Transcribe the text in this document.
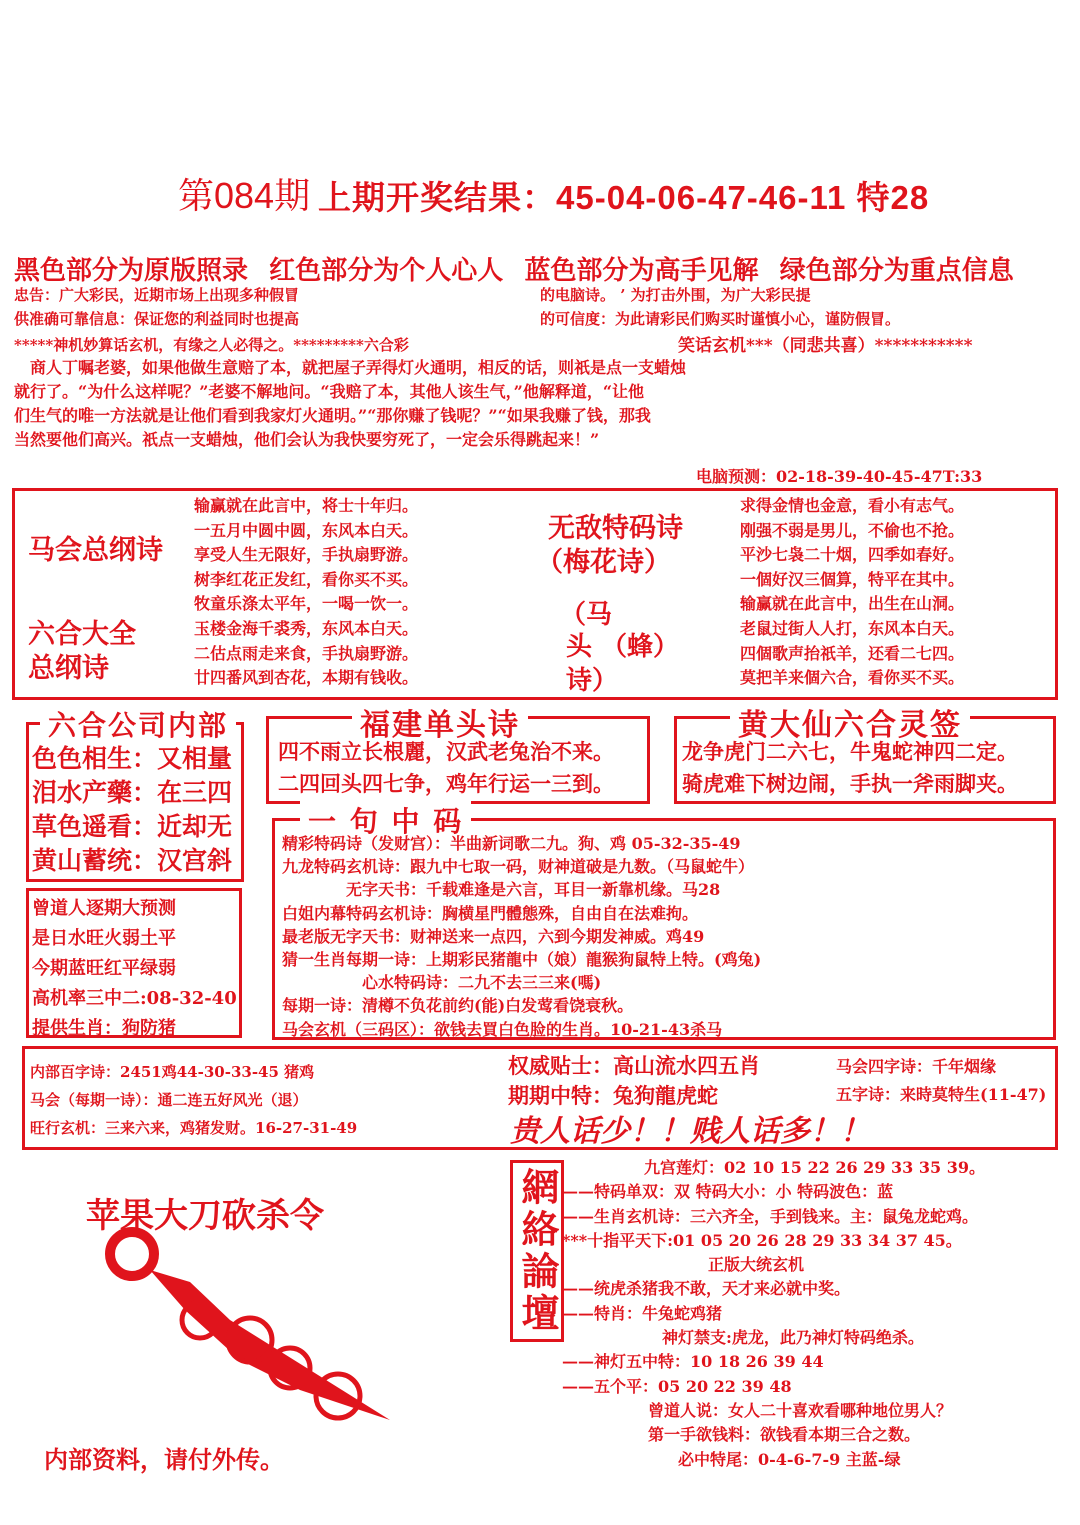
第084期 上期开奖结果：45-04-06-47-46-11 特28
黑色部分为原版照录 红色部分为个人心人 蓝色部分为高手见解 绿色部分为重点信息
忠告：广大彩民，近期市场上出现多种假冒	的电脑诗。 ’ 为打击外围，为广大彩民提
供准确可靠信息：保证您的利益同时也提高	的可信度：为此请彩民们购买时谨慎小心，谨防假冒。
*****神机妙算话玄机，有缘之人必得之。*********六合彩	笑话玄机***（同悲共喜）***********
　商人丁嘱老婆，如果他做生意赔了本，就把屋子弄得灯火通明，相反的话，则祇是点一支蜡烛
就行了。“为什么这样呢？”老婆不解地问。“我赔了本，其他人该生气，”他解释道，“让他
们生气的唯一方法就是让他们看到我家灯火通明。”“那你赚了钱呢？”“如果我赚了钱，那我
当然要他们高兴。祇点一支蜡烛，他们会认为我快要穷死了，一定会乐得跳起来！”
电脑预测：02-18-39-40-45-47T:33
马会总纲诗
六合大全
总纲诗
输赢就在此言中，将士十年归。
一五月中圆中圆，东风本白天。
享受人生无限好，手执扇野游。
树李红花正发红，看你买不买。
牧童乐涤太平年，一喝一饮一。
玉楼金海千裘秀，东风本白天。
二估点雨走来食，手执扇野游。
廿四番风到杏花，本期有钱收。
无敌特码诗
（梅花诗）
（马
头 （蜂）
诗）
求得金情也金意，看小有志气。
刚强不弱是男儿，不偷也不抢。
平沙七袅二十烟，四季如春好。
一個好汉三個算，特平在其中。
输赢就在此言中，出生在山洞。
老鼠过街人人打，东风本白天。
四個歌声抬祇羊，还看二七四。
莫把羊来個六合，看你买不买。
六合公司内部
色色相生：又相量
泪水产藥：在三四
草色遥看：近却无
黄山蓄统：汉宫斜
福建单头诗
四不雨立长根麗，汉武老兔治不来。
二四回头四七争，鸡年行运一三到。
黄大仙六合灵签
龙争虎门二六七，牛鬼蛇神四二定。
骑虎难下树边闹，手执一斧雨脚夹。
曾道人逐期大预测
是日水旺火弱土平
今期蓝旺红平绿弱
高机率三中二:08-32-40
提供生肖：狗防猪
一 句 中 码
精彩特码诗（发财宫）：半曲新词歌二九。狗、鸡 05-32-35-49
九龙特码玄机诗：跟九中七取一码，财神道破是九数。（马鼠蛇牛）
　　　　无字天书：千载难逢是六言，耳目一新靠机缘。马28
白姐内幕特码玄机诗：胸横星門體態殊，自由自在法难拘。
最老版无字天书：财神送来一点四，六到今期发神威。鸡49
猜一生肖每期一诗：上期彩民猪龍中（娘）龍猴狗鼠特上特。(鸡兔)
　　　　　心水特码诗：二九不去三三来(嗎)
每期一诗：清樽不负花前约(能)白发莺看饶衰秋。
马会玄机（三码区）：欲钱去買白色脸的生肖。10-21-43杀马
内部百字诗：2451鸡44-30-33-45 猪鸡
马会（每期一诗）：通二连五好风光（退）
旺行玄机：三来六来，鸡猪发财。16-27-31-49
权威贴士：高山流水四五肖	马会四字诗：千年烟缘
期期中特：兔狗龍虎蛇	五字诗：来時莫特生(11-47)
贵人话少！！贱人话多！！
苹果大刀砍杀令
内部资料，请付外传。
網絡論壇	九宫莲灯：02 10 15 22 26 29 33 35 39。
——特码单双：双 特码大小：小 特码波色：蓝
——生肖玄机诗：三六齐全，手到钱来。主：鼠兔龙蛇鸡。
***十指平天下:01 05 20 26 28 29 33 34 37 45。
正版大统玄机
——统虎杀猪我不敢，天才来必就中奖。
——特肖：牛兔蛇鸡猪
神灯禁支:虎龙，此乃神灯特码绝杀。
——神灯五中特：10 18 26 39 44
——五个平：05 20 22 39 48
曾道人说：女人二十喜欢看哪种地位男人？
第一手欲钱料：欲钱看本期三合之数。
必中特尾：0-4-6-7-9 主蓝-绿
